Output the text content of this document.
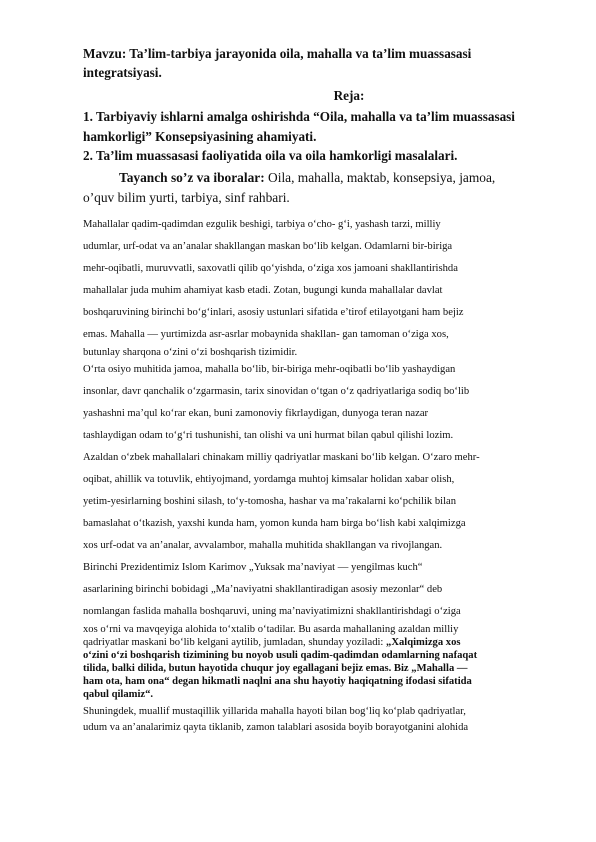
Mavzu: Ta’lim-tarbiya jarayonida oila, mahalla va ta’lim muassasasi
integratsiyasi.

Reja:

1. Tarbiyaviy ishlarni amalga oshirishda “Oila, mahalla va ta’lim muassasasi
hamkorligi” Konsepsiyasining ahamiyati.

2. Ta’lim muassasasi faoliyatida oila va oila hamkorligi masalalari.

Tayanch so’z va iboralar: Oila, mahalla, maktab, konsepsiya, jamoa,
o’quv bilim yurti, tarbiya, sinf rahbari.

Mahallalar qadim-qadimdan ezgulik beshigi, tarbiya o‘cho- g‘i, yashash tarzi, milliy

udumlar, urf-odat va an’analar shakllangan maskan bo‘lib kelgan. Odamlarni bir-biriga

mehr-oqibatli, muruvvatli, saxovatli qilib qo‘yishda, o‘ziga xos jamoani shakllantirishda

mahallalar juda muhim ahamiyat kasb etadi. Zotan, bugungi kunda mahallalar davlat

boshqaruvining birinchi bo‘g‘inlari, asosiy ustunlari sifatida e’tirof etilayotgani ham bejiz

emas. Mahalla — yurtimizda asr-asrlar mobaynida shakllan- gan tamoman o‘ziga xos,

butunlay sharqona o‘zini o‘zi boshqarish tizimidir.

O‘rta osiyo muhitida jamoa, mahalla bo‘lib, bir-biriga mehr-oqibatli bo‘lib yashaydigan

insonlar, davr qanchalik o‘zgarmasin, tarix sinovidan o‘tgan o‘z qadriyatlariga sodiq bo‘lib

yashashni ma’qul ko‘rar ekan, buni zamonoviy fikrlaydigan, dunyoga teran nazar

tashlaydigan odam to‘g‘ri tushunishi, tan olishi va uni hurmat bilan qabul qilishi lozim.

Azaldan o‘zbek mahallalari chinakam milliy qadriyatlar maskani bo‘lib kelgan. O‘zaro mehr-

oqibat, ahillik va totuvlik, ehtiyojmand, yordamga muhtoj kimsalar holidan xabar olish,

yetim-yesirlarning boshini silash, to‘y-tomosha, hashar va ma’rakalarni ko‘pchilik bilan

bamaslahat o‘tkazish, yaxshi kunda ham, yomon kunda ham birga bo‘lish kabi xalqimizga

xos urf-odat va an’analar, avvalambor, mahalla muhitida shakllangan va rivojlangan.

Birinchi Prezidentimiz Islom Karimov „Yuksak ma’naviyat — yengilmas kuch“

asarlarining birinchi bobidagi „Ma’naviyatni shakllantiradigan asosiy mezonlar“ deb

nomlangan faslida mahalla boshqaruvi, uning ma’naviyatimizni shakllantirishdagi o‘ziga

xos o‘rni va mavqeyiga alohida to‘xtalib o‘tadilar. Bu asarda mahallaning azaldan milliy

qadriyatlar maskani bo‘lib kelgani aytilib, jumladan, shunday yoziladi: „Xalqimizga xos

o‘zini o‘zi boshqarish tizimining bu noyob usuli qadim-qadimdan odamlarning nafaqat

tilida, balki dilida, butun hayotida chuqur joy egallagani bejiz emas. Biz „Mahalla —

ham ota, ham ona“ degan hikmatli naqlni ana shu hayotiy haqiqatning ifodasi sifatida

qabul qilamiz“.

Shuningdek, muallif mustaqillik yillarida mahalla hayoti bilan bog‘liq ko‘plab qadriyatlar,

udum va an’analarimiz qayta tiklanib, zamon talablari asosida boyib borayotganini alohida
